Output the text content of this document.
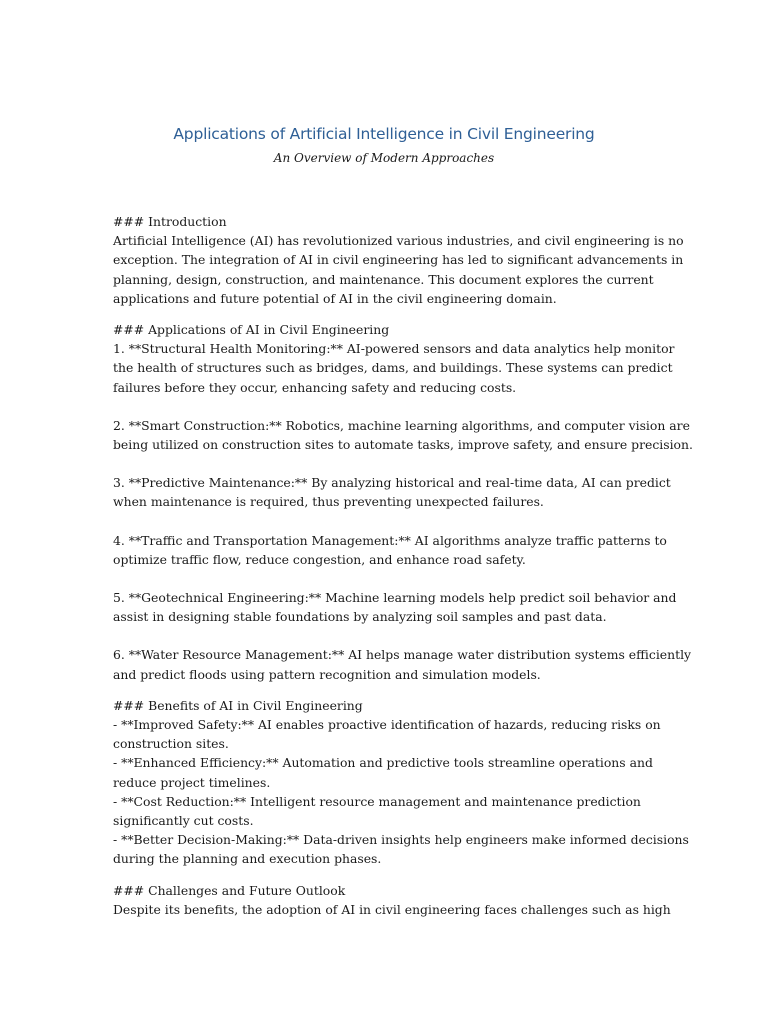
Applications of Artificial Intelligence in Civil Engineering
An Overview of Modern Approaches

### Introduction

Artificial Intelligence (AI) has revolutionized various industries, and civil engineering is no

exception. The integration of AI in civil engineering has led to significant advancements in

planning, design, construction, and maintenance. This document explores the current

applications and future potential of AI in the civil engineering domain.

### Applications of AI in Civil Engineering

1. **Structural Health Monitoring:** AI-powered sensors and data analytics help monitor

the health of structures such as bridges, dams, and buildings. These systems can predict

failures before they occur, enhancing safety and reducing costs.

2. **Smart Construction:** Robotics, machine learning algorithms, and computer vision are

being utilized on construction sites to automate tasks, improve safety, and ensure precision.

3. **Predictive Maintenance:** By analyzing historical and real-time data, AI can predict

when maintenance is required, thus preventing unexpected failures.

4. **Traffic and Transportation Management:** AI algorithms analyze traffic patterns to

optimize traffic flow, reduce congestion, and enhance road safety.

5. **Geotechnical Engineering:** Machine learning models help predict soil behavior and

assist in designing stable foundations by analyzing soil samples and past data.

6. **Water Resource Management:** AI helps manage water distribution systems efficiently

and predict floods using pattern recognition and simulation models.

### Benefits of AI in Civil Engineering

- **Improved Safety:** AI enables proactive identification of hazards, reducing risks on

construction sites.

- **Enhanced Efficiency:** Automation and predictive tools streamline operations and

reduce project timelines.

- **Cost Reduction:** Intelligent resource management and maintenance prediction

significantly cut costs.

- **Better Decision-Making:** Data-driven insights help engineers make informed decisions

during the planning and execution phases.

### Challenges and Future Outlook

Despite its benefits, the adoption of AI in civil engineering faces challenges such as high
